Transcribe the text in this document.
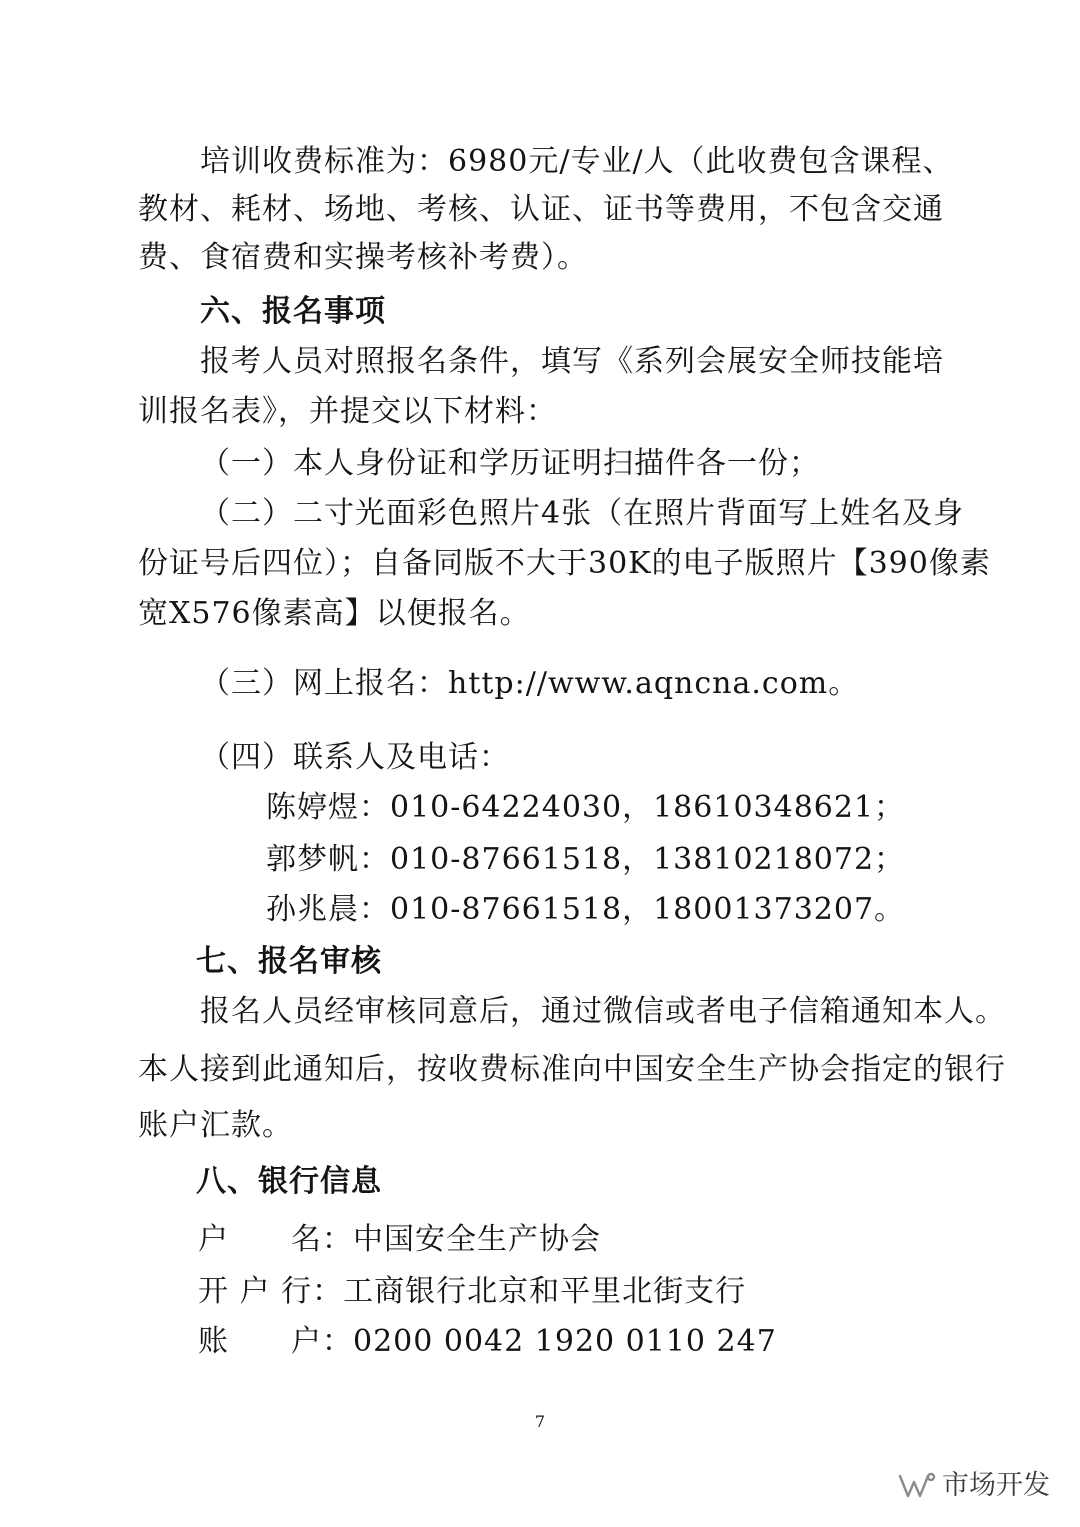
培训收费标准为：6980元/专业/人（此收费包含课程、

教材、耗材、场地、考核、认证、证书等费用，不包含交通

费、食宿费和实操考核补考费）。

六、报名事项

报考人员对照报名条件，填写《系列会展安全师技能培

训报名表》，并提交以下材料：

（一）本人身份证和学历证明扫描件各一份；

（二）二寸光面彩色照片4张（在照片背面写上姓名及身

份证号后四位）；自备同版不大于30K的电子版照片【390像素

宽X576像素高】以便报名。

（三）网上报名：http://www.aqncna.com。

（四）联系人及电话：

陈婷煜：010-64224030，18610348621；

郭梦帆：010-87661518，13810218072；

孙兆晨：010-87661518，18001373207。

七、报名审核

报名人员经审核同意后，通过微信或者电子信箱通知本人。

本人接到此通知后，按收费标准向中国安全生产协会指定的银行

账户汇款。

八、银行信息

户　　名：中国安全生产协会

开 户 行：工商银行北京和平里北街支行

账　　户：0200 0042 1920 0110 247

7

市场开发
